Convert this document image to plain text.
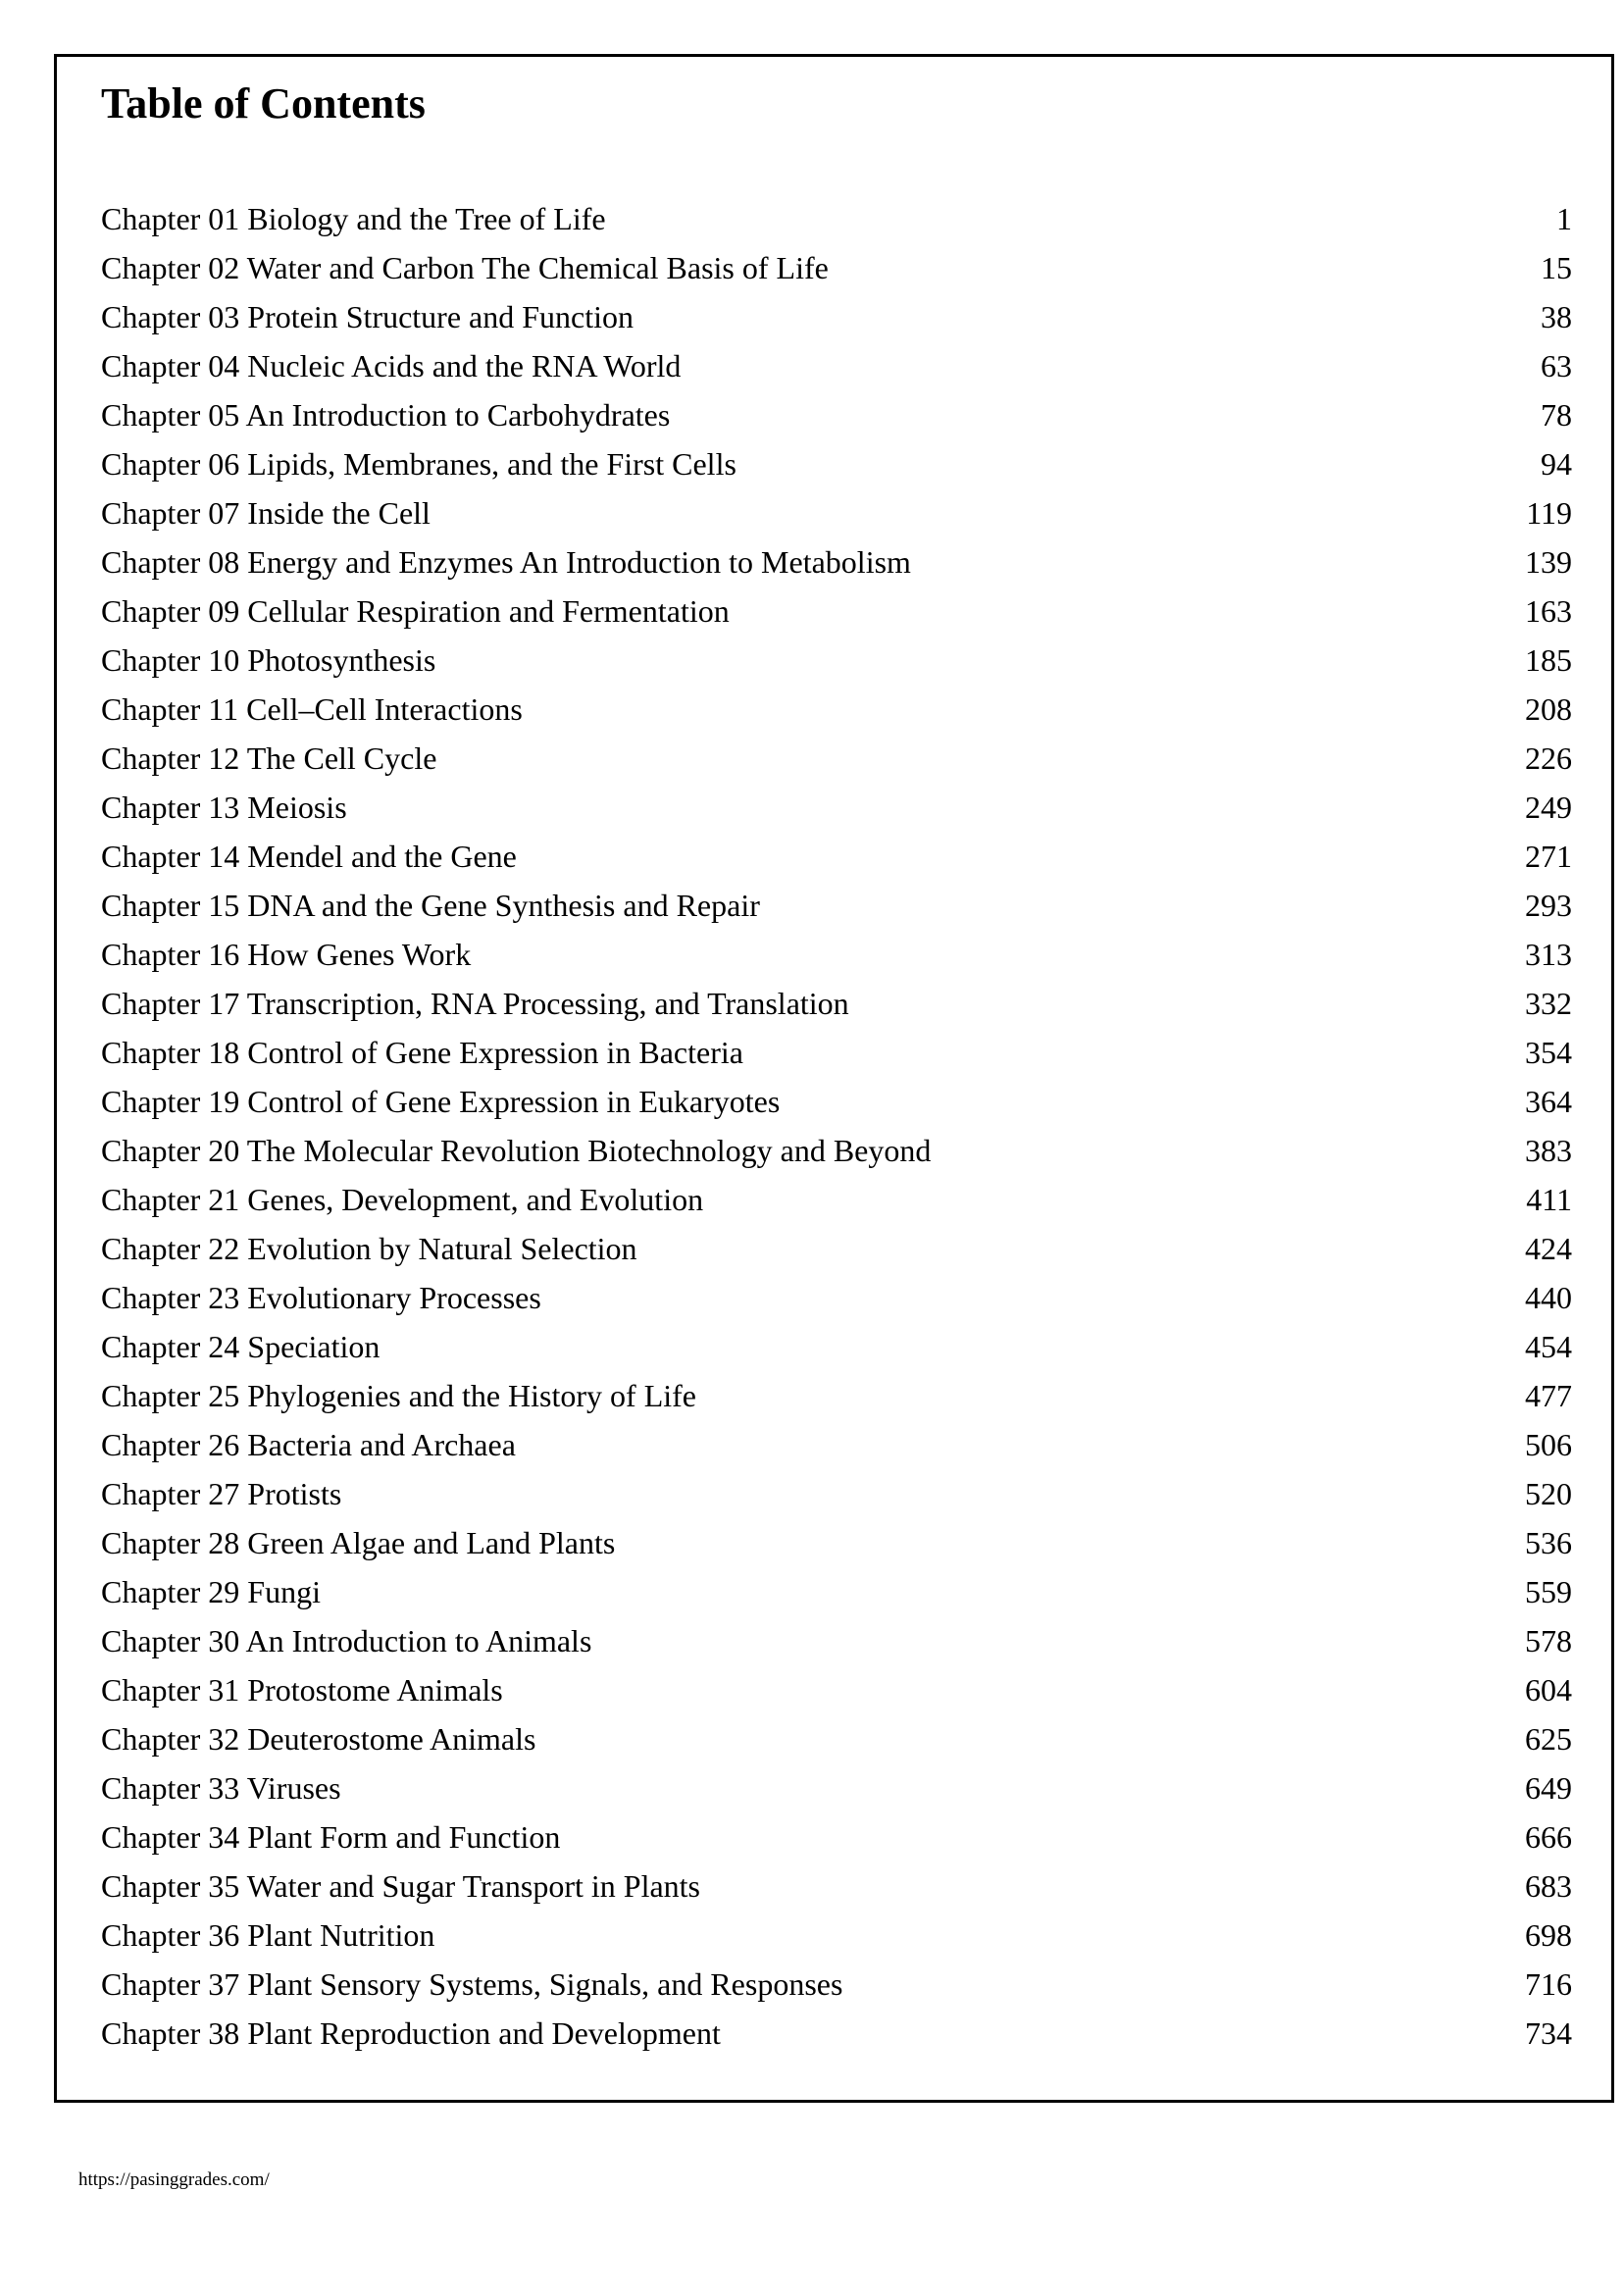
Table of Contents
Chapter 01 Biology and the Tree of Life	1
Chapter 02 Water and Carbon The Chemical Basis of Life	15
Chapter 03 Protein Structure and Function	38
Chapter 04 Nucleic Acids and the RNA World	63
Chapter 05 An Introduction to Carbohydrates	78
Chapter 06 Lipids, Membranes, and the First Cells	94
Chapter 07 Inside the Cell	119
Chapter 08 Energy and Enzymes An Introduction to Metabolism	139
Chapter 09 Cellular Respiration and Fermentation	163
Chapter 10 Photosynthesis	185
Chapter 11 Cell–Cell Interactions	208
Chapter 12 The Cell Cycle	226
Chapter 13 Meiosis	249
Chapter 14 Mendel and the Gene	271
Chapter 15 DNA and the Gene Synthesis and Repair	293
Chapter 16 How Genes Work	313
Chapter 17 Transcription, RNA Processing, and Translation	332
Chapter 18 Control of Gene Expression in Bacteria	354
Chapter 19 Control of Gene Expression in Eukaryotes	364
Chapter 20 The Molecular Revolution Biotechnology and Beyond	383
Chapter 21 Genes, Development, and Evolution	411
Chapter 22 Evolution by Natural Selection	424
Chapter 23 Evolutionary Processes	440
Chapter 24 Speciation	454
Chapter 25 Phylogenies and the History of Life	477
Chapter 26 Bacteria and Archaea	506
Chapter 27 Protists	520
Chapter 28 Green Algae and Land Plants	536
Chapter 29 Fungi	559
Chapter 30 An Introduction to Animals	578
Chapter 31 Protostome Animals	604
Chapter 32 Deuterostome Animals	625
Chapter 33 Viruses	649
Chapter 34 Plant Form and Function	666
Chapter 35 Water and Sugar Transport in Plants	683
Chapter 36 Plant Nutrition	698
Chapter 37 Plant Sensory Systems, Signals, and Responses	716
Chapter 38 Plant Reproduction and Development	734
https://pasinggrades.com/
